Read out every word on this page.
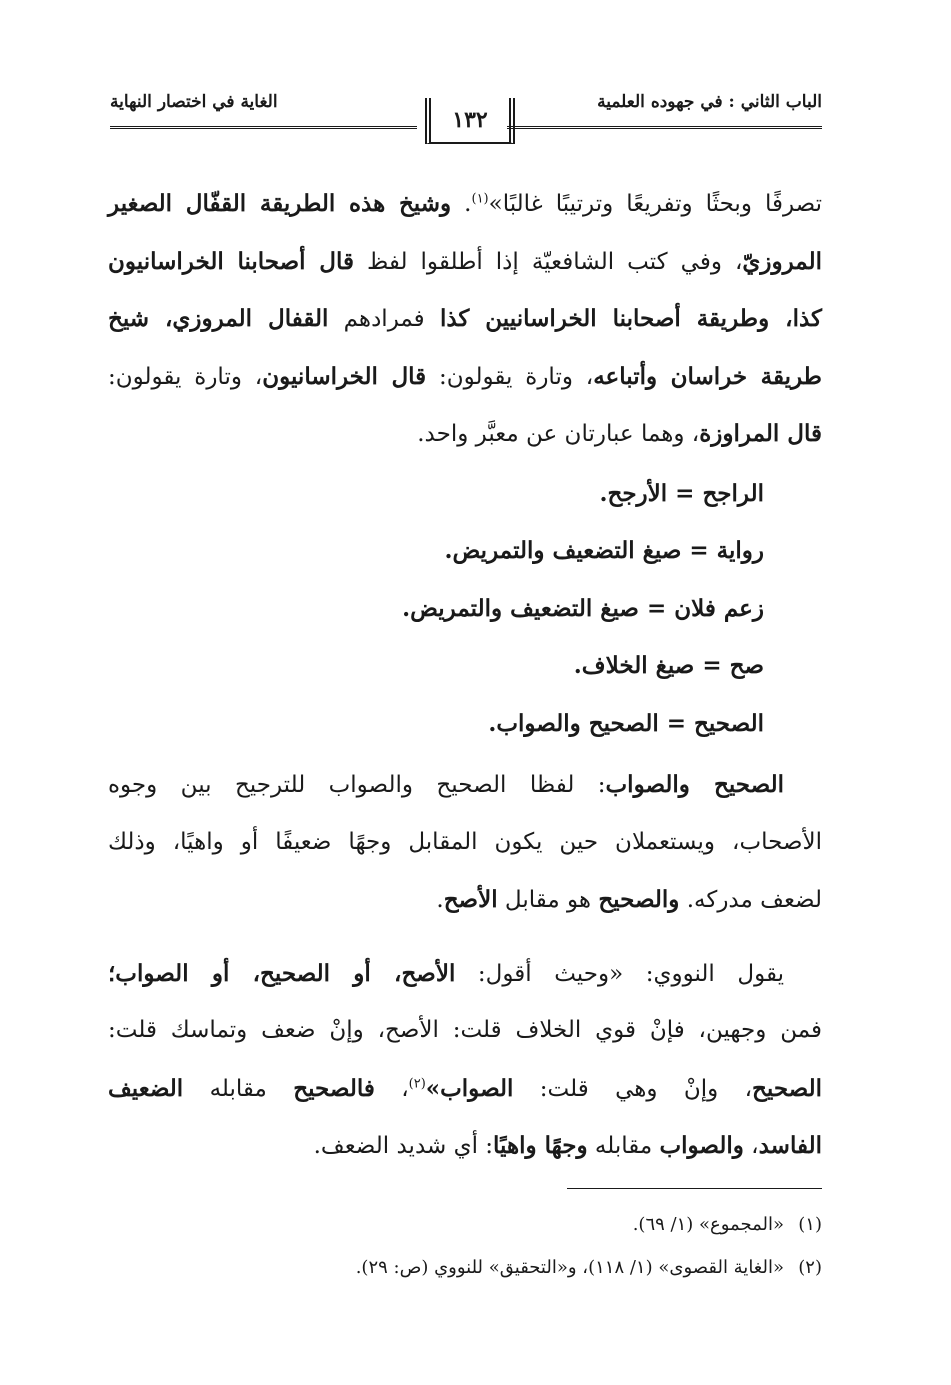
الباب الثاني : في جهوده العلمية
١٣٢
الغاية في اختصار النهاية
تصرفًا وبحثًا وتفريعًا وترتيبًا غالبًا»$^{(١)}$. وشيخ هذه الطريقة القفّال الصغير
المروزيّ، وفي كتب الشافعيّة إذا أطلقوا لفظ قال أصحابنا الخراسانيون
كذا، وطريقة أصحابنا الخراسانيين كذا فمرادهم القفال المروزي، شيخ
طريقة خراسان وأتباعه، وتارة يقولون: قال الخراسانيون، وتارة يقولون:
قال المراوزة، وهما عبارتان عن معبَّر واحد.
الراجح = الأرجح.
رواية = صيغ التضعيف والتمريض.
زعم فلان = صيغ التضعيف والتمريض.
صح = صيغ الخلاف.
الصحيح = الصحيح والصواب.
الصحيح والصواب: لفظا الصحيح والصواب للترجيح بين وجوه
الأصحاب، ويستعملان حين يكون المقابل وجهًا ضعيفًا أو واهيًا، وذلك
لضعف مدركه. والصحيح هو مقابل الأصح.
يقول النووي: «وحيث أقول: الأصح، أو الصحيح، أو الصواب؛
فمن وجهين، فإنْ قوي الخلاف قلت: الأصح، وإنْ ضعف وتماسك قلت:
الصحيح، وإنْ وهي قلت: الصواب»$^{(٢)}$، فالصحيح مقابله الضعيف
الفاسد، والصواب مقابله وجهًا واهيًا: أي شديد الضعف.
(١)«المجموع» (١/ ٦٩).
(٢)«الغاية القصوى» (١/ ١١٨)، و«التحقيق» للنووي (ص: ٢٩).
